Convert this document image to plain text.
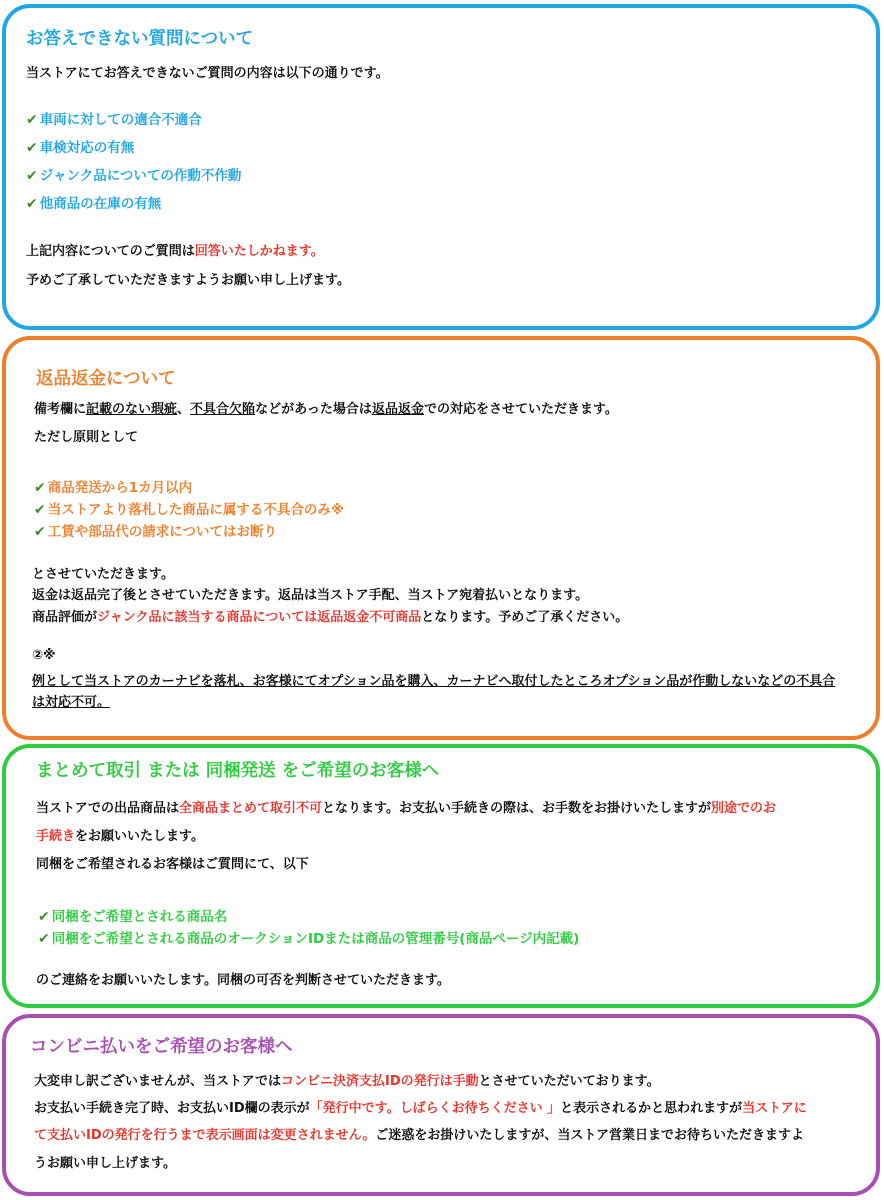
お答えできない質問について
当ストアにてお答えできないご質問の内容は以下の通りです。
✔ 車両に対しての適合不適合
✔ 車検対応の有無
✔ ジャンク品についての作動不作動
✔ 他商品の在庫の有無
上記内容についてのご質問は回答いたしかねます。
予めご了承していただきますようお願い申し上げます。
返品返金について
備考欄に記載のない瑕疵、不具合欠陥などがあった場合は返品返金での対応をさせていただきます。
ただし原則として
✔ 商品発送から1カ月以内
✔ 当ストアより落札した商品に属する不具合のみ※
✔ 工賃や部品代の請求についてはお断り
とさせていただきます。
返金は返品完了後とさせていただきます。返品は当ストア手配、当ストア宛着払いとなります。
商品評価がジャンク品に該当する商品については返品返金不可商品となります。予めご了承ください。
②※
例として当ストアのカーナビを落札、お客様にてオプション品を購入、カーナビへ取付したところオプション品が作動しないなどの不具合
は対応不可。
まとめて取引 または 同梱発送 をご希望のお客様へ
当ストアでの出品商品は全商品まとめて取引不可となります。お支払い手続きの際は、お手数をお掛けいたしますが別途でのお
手続きをお願いいたします。
同梱をご希望されるお客様はご質問にて、以下
✔ 同梱をご希望とされる商品名
✔ 同梱をご希望とされる商品のオークションIDまたは商品の管理番号(商品ページ内記載)
のご連絡をお願いいたします。同梱の可否を判断させていただきます。
コンビニ払いをご希望のお客様へ
大変申し訳ございませんが、当ストアではコンビニ決済支払IDの発行は手動とさせていただいております。
お支払い手続き完了時、お支払いID欄の表示が「発行中です。しばらくお待ちください 」と表示されるかと思われますが当ストアに
て支払いIDの発行を行うまで表示画面は変更されません。ご迷惑をお掛けいたしますが、当ストア営業日までお待ちいただきますよ
うお願い申し上げます。
